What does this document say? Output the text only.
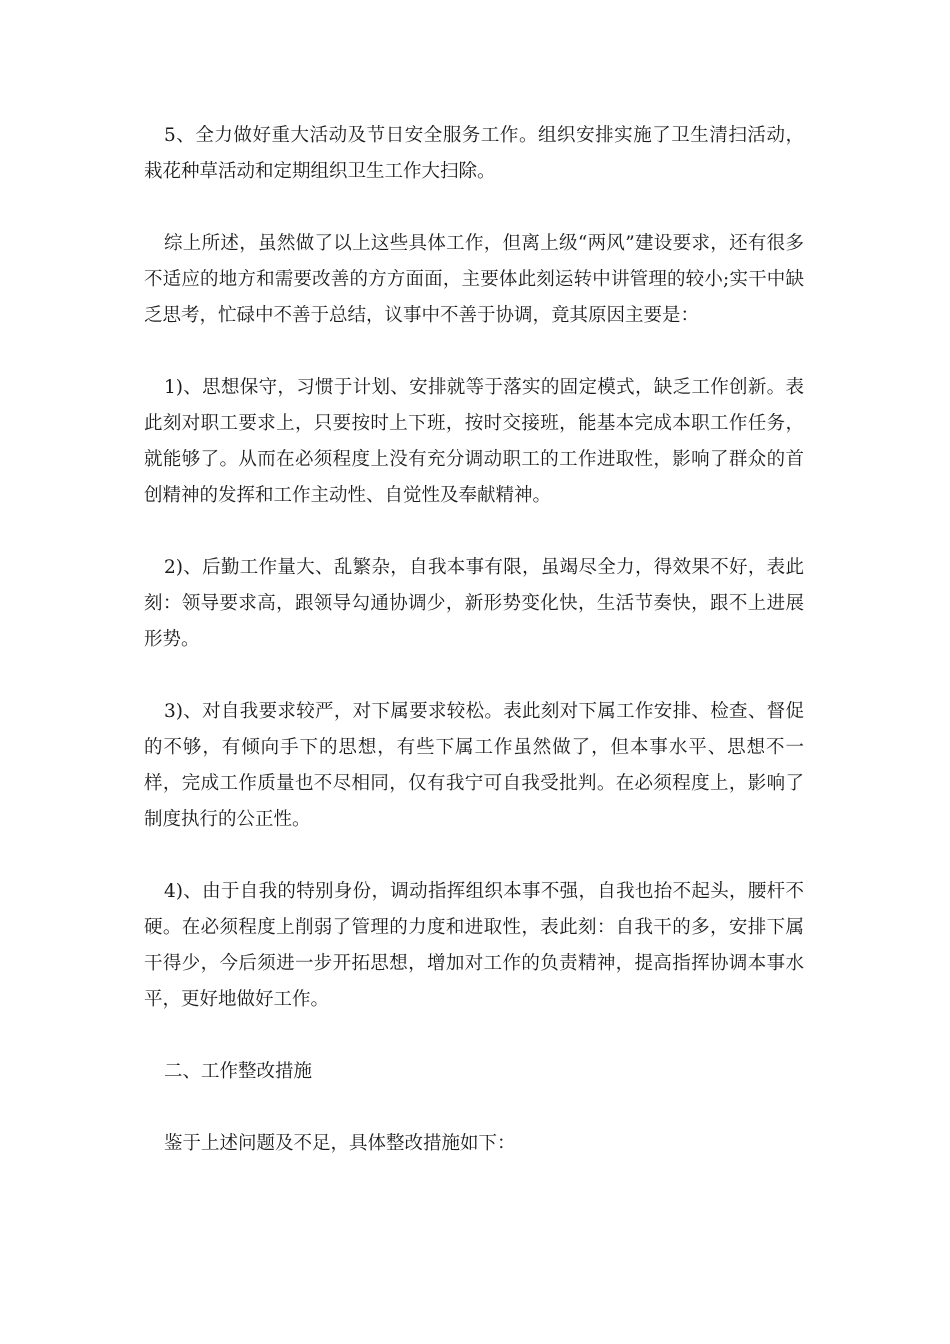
5、全力做好重大活动及节日安全服务工作。组织安排实施了卫生清扫活动，栽花种草活动和定期组织卫生工作大扫除。

综上所述，虽然做了以上这些具体工作，但离上级“两风”建设要求，还有很多不适应的地方和需要改善的方方面面，主要体此刻运转中讲管理的较小;实干中缺乏思考，忙碌中不善于总结，议事中不善于协调，竟其原因主要是：

1)、思想保守，习惯于计划、安排就等于落实的固定模式，缺乏工作创新。表此刻对职工要求上，只要按时上下班，按时交接班，能基本完成本职工作任务，就能够了。从而在必须程度上没有充分调动职工的工作进取性，影响了群众的首创精神的发挥和工作主动性、自觉性及奉献精神。

2)、后勤工作量大、乱繁杂，自我本事有限，虽竭尽全力，得效果不好，表此刻：领导要求高，跟领导勾通协调少，新形势变化快，生活节奏快，跟不上进展形势。

3)、对自我要求较严，对下属要求较松。表此刻对下属工作安排、检查、督促的不够，有倾向手下的思想，有些下属工作虽然做了，但本事水平、思想不一样，完成工作质量也不尽相同，仅有我宁可自我受批判。在必须程度上，影响了制度执行的公正性。

4)、由于自我的特别身份，调动指挥组织本事不强，自我也抬不起头，腰杆不硬。在必须程度上削弱了管理的力度和进取性，表此刻：自我干的多，安排下属干得少，今后须进一步开拓思想，增加对工作的负责精神，提高指挥协调本事水平，更好地做好工作。

二、工作整改措施

鉴于上述问题及不足，具体整改措施如下：
